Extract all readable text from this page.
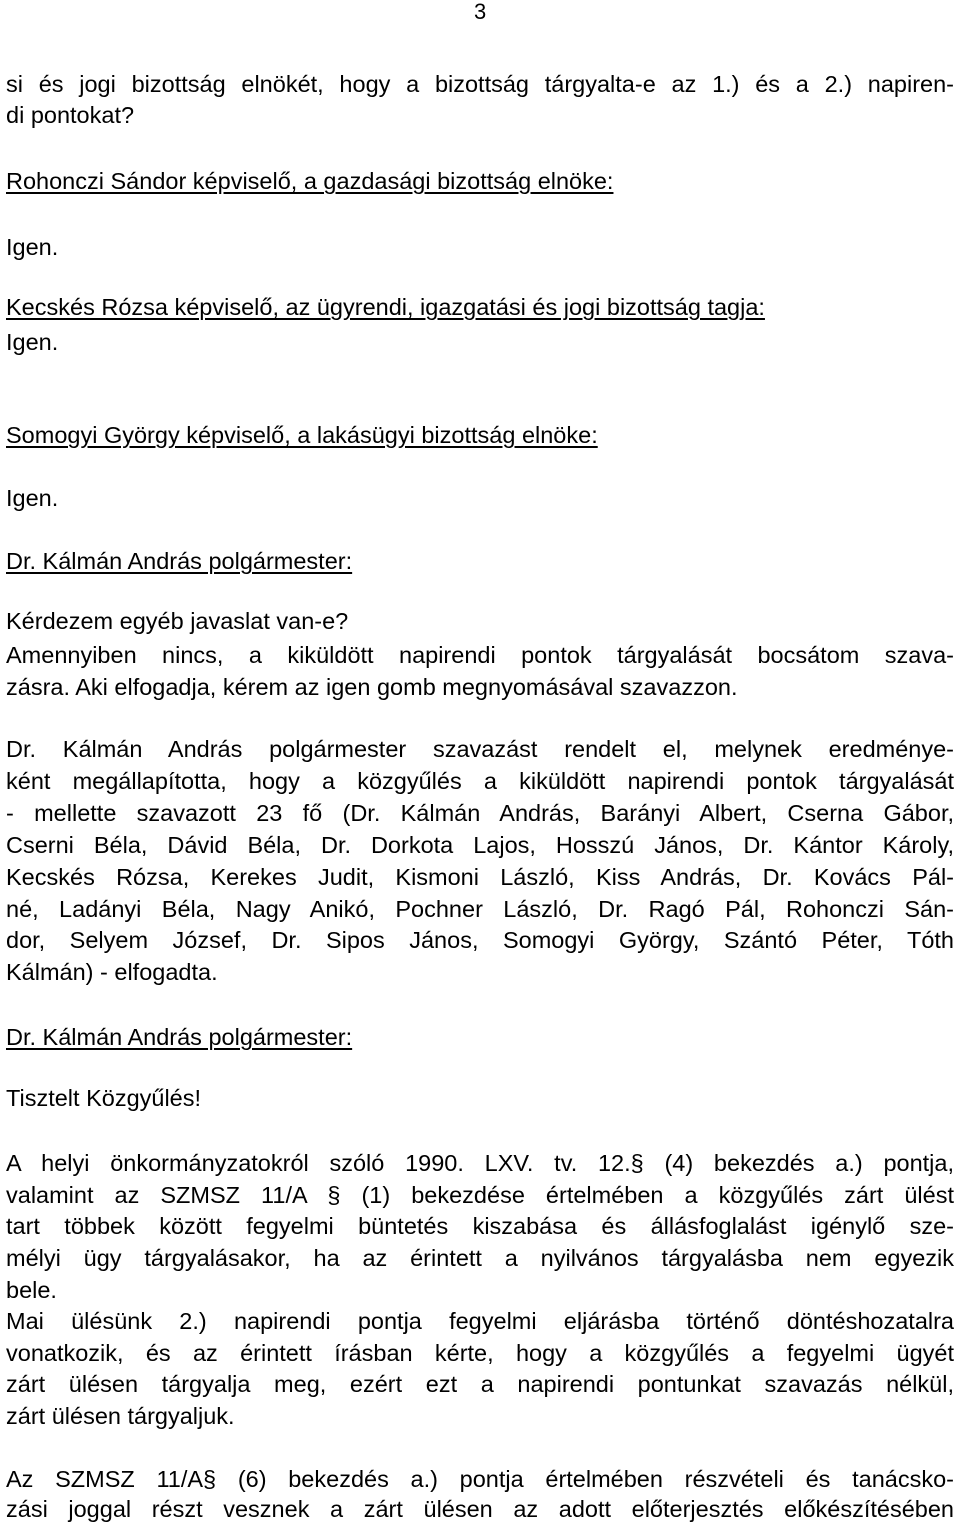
3
si és jogi bizottság elnökét, hogy a bizottság tárgyalta-e az 1.) és a 2.) napiren-
di pontokat?
Rohonczi Sándor képviselő, a gazdasági bizottság elnöke:
Igen.
Kecskés Rózsa képviselő, az ügyrendi, igazgatási és jogi bizottság tagja:
Igen.
Somogyi György képviselő, a lakásügyi bizottság elnöke:
Igen.
Dr. Kálmán András polgármester:
Kérdezem egyéb javaslat van-e?
Amennyiben nincs, a kiküldött napirendi pontok tárgyalását bocsátom szava-
zásra. Aki elfogadja, kérem az igen gomb megnyomásával szavazzon.
Dr. Kálmán András polgármester szavazást rendelt el, melynek eredménye-
ként megállapította, hogy a közgyűlés a kiküldött napirendi pontok tárgyalását
- mellette szavazott 23 fő (Dr. Kálmán András, Barányi Albert, Cserna Gábor,
Cserni Béla, Dávid Béla, Dr. Dorkota Lajos, Hosszú János, Dr. Kántor Károly,
Kecskés Rózsa, Kerekes Judit, Kismoni László, Kiss András, Dr. Kovács Pál-
né, Ladányi Béla, Nagy Anikó, Pochner László, Dr. Ragó Pál, Rohonczi Sán-
dor, Selyem József, Dr. Sipos János, Somogyi György, Szántó Péter, Tóth
Kálmán) - elfogadta.
Dr. Kálmán András polgármester:
Tisztelt Közgyűlés!
A helyi önkormányzatokról szóló 1990. LXV. tv. 12.§ (4) bekezdés a.) pontja,
valamint az SZMSZ 11/A § (1) bekezdése értelmében a közgyűlés zárt ülést
tart többek között fegyelmi büntetés kiszabása és állásfoglalást igénylő sze-
mélyi ügy tárgyalásakor, ha az érintett a nyilvános tárgyalásba nem egyezik
bele.
Mai ülésünk 2.) napirendi pontja fegyelmi eljárásba történő döntéshozatalra
vonatkozik, és az érintett írásban kérte, hogy a közgyűlés a fegyelmi ügyét
zárt ülésen tárgyalja meg, ezért ezt a napirendi pontunkat szavazás nélkül,
zárt ülésen tárgyaljuk.
Az SZMSZ 11/A§ (6) bekezdés a.) pontja értelmében részvételi és tanácsko-
zási joggal részt vesznek a zárt ülésen az adott előterjesztés előkészítésében
